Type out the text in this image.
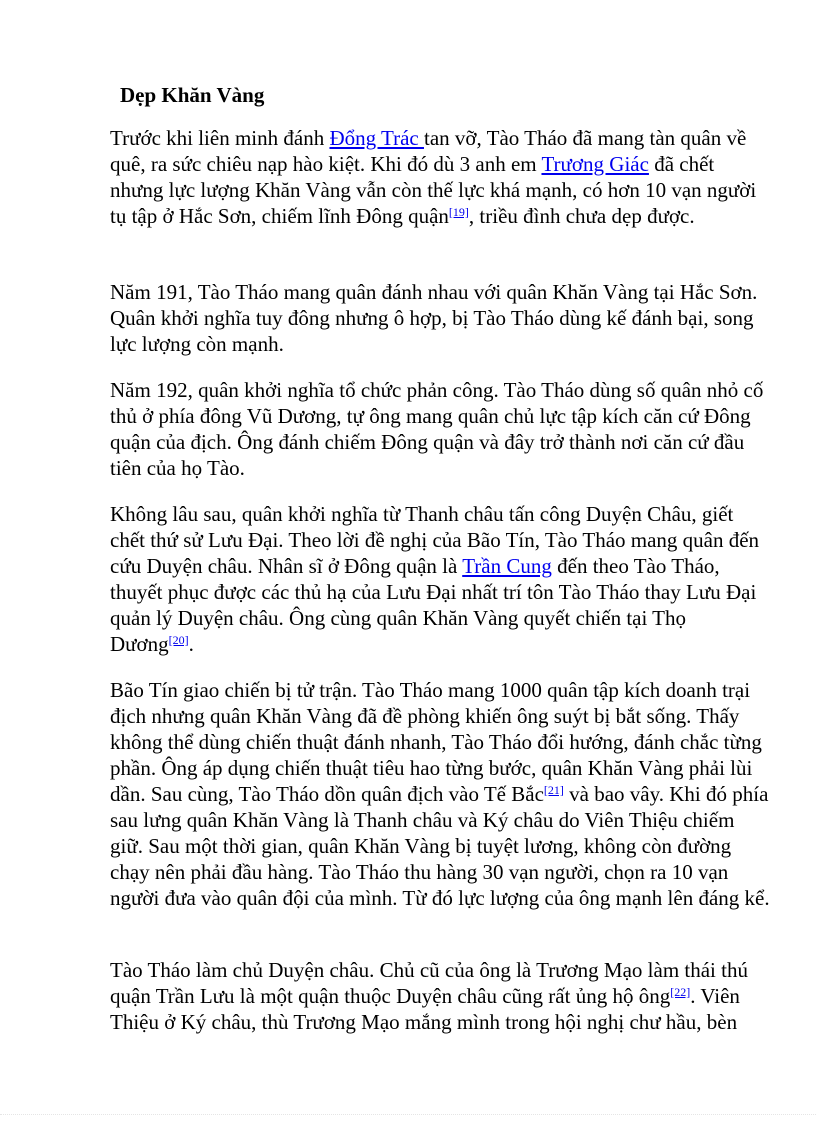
Dẹp Khăn Vàng

Trước khi liên minh đánh Đổng Trác tan vỡ, Tào Tháo đã mang tàn quân về quê, ra sức chiêu nạp hào kiệt. Khi đó dù 3 anh em Trương Giác đã chết nhưng lực lượng Khăn Vàng vẫn còn thế lực khá mạnh, có hơn 10 vạn người tụ tập ở Hắc Sơn, chiếm lĩnh Đông quận[19], triều đình chưa dẹp được.

Năm 191, Tào Tháo mang quân đánh nhau với quân Khăn Vàng tại Hắc Sơn. Quân khởi nghĩa tuy đông nhưng ô hợp, bị Tào Tháo dùng kế đánh bại, song lực lượng còn mạnh.

Năm 192, quân khởi nghĩa tổ chức phản công. Tào Tháo dùng số quân nhỏ cố thủ ở phía đông Vũ Dương, tự ông mang quân chủ lực tập kích căn cứ Đông quận của địch. Ông đánh chiếm Đông quận và đây trở thành nơi căn cứ đầu tiên của họ Tào.

Không lâu sau, quân khởi nghĩa từ Thanh châu tấn công Duyện Châu, giết chết thứ sử Lưu Đại. Theo lời đề nghị của Bão Tín, Tào Tháo mang quân đến cứu Duyện châu. Nhân sĩ ở Đông quận là Trần Cung đến theo Tào Tháo, thuyết phục được các thủ hạ của Lưu Đại nhất trí tôn Tào Tháo thay Lưu Đại quản lý Duyện châu. Ông cùng quân Khăn Vàng quyết chiến tại Thọ Dương[20].

Bão Tín giao chiến bị tử trận. Tào Tháo mang 1000 quân tập kích doanh trại địch nhưng quân Khăn Vàng đã đề phòng khiến ông suýt bị bắt sống. Thấy không thể dùng chiến thuật đánh nhanh, Tào Tháo đổi hướng, đánh chắc từng phần. Ông áp dụng chiến thuật tiêu hao từng bước, quân Khăn Vàng phải lùi dần. Sau cùng, Tào Tháo dồn quân địch vào Tế Bắc[21] và bao vây. Khi đó phía sau lưng quân Khăn Vàng là Thanh châu và Ký châu do Viên Thiệu chiếm giữ. Sau một thời gian, quân Khăn Vàng bị tuyệt lương, không còn đường chạy nên phải đầu hàng. Tào Tháo thu hàng 30 vạn người, chọn ra 10 vạn người đưa vào quân đội của mình. Từ đó lực lượng của ông mạnh lên đáng kể.

Tào Tháo làm chủ Duyện châu. Chủ cũ của ông là Trương Mạo làm thái thú quận Trần Lưu là một quận thuộc Duyện châu cũng rất ủng hộ ông[22]. Viên Thiệu ở Ký châu, thù Trương Mạo mắng mình trong hội nghị chư hầu, bèn
